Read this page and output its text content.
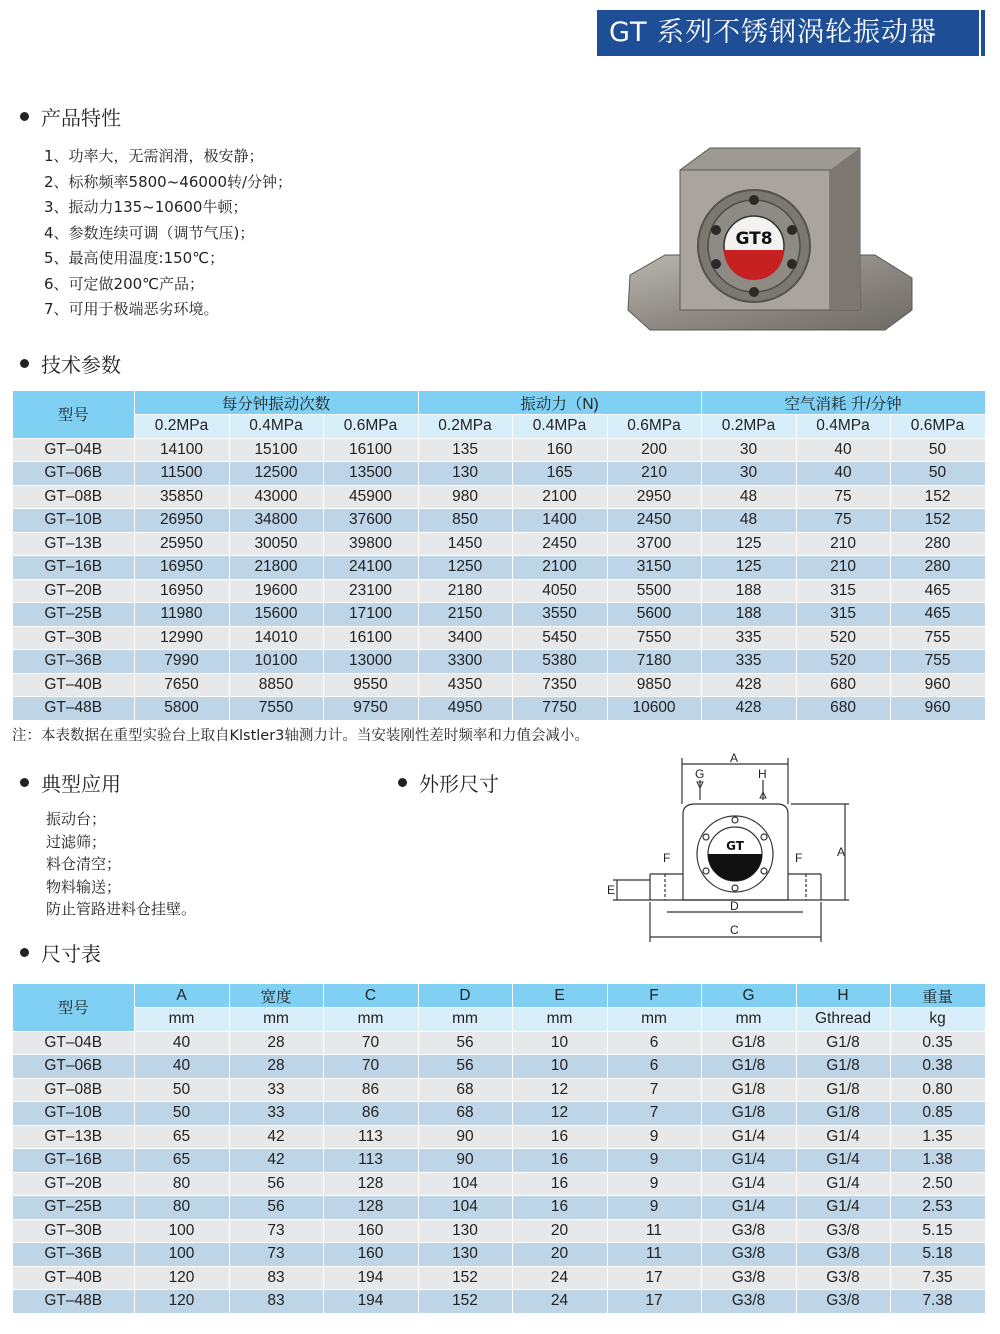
GT 系列不锈钢涡轮振动器
产品特性
1、功率大，无需润滑，极安静；
2、标称频率5800~46000转/分钟；
3、振动力135~10600牛顿；
4、参数连续可调（调节气压)；
5、最高使用温度:150℃；
6、可定做200℃产品；
7、可用于极端恶劣环境。
GT8
技术参数
型号	每分钟振动次数			振动力（N)			空气消耗 升/分钟		
	0.2MPa	0.4MPa	0.6MPa	0.2MPa	0.4MPa	0.6MPa	0.2MPa	0.4MPa	0.6MPa
GT–04B	14100	15100	16100	135	160	200	30	40	50
GT–06B	11500	12500	13500	130	165	210	30	40	50
GT–08B	35850	43000	45900	980	2100	2950	48	75	152
GT–10B	26950	34800	37600	850	1400	2450	48	75	152
GT–13B	25950	30050	39800	1450	2450	3700	125	210	280
GT–16B	16950	21800	24100	1250	2100	3150	125	210	280
GT–20B	16950	19600	23100	2180	4050	5500	188	315	465
GT–25B	11980	15600	17100	2150	3550	5600	188	315	465
GT–30B	12990	14010	16100	3400	5450	7550	335	520	755
GT–36B	7990	10100	13000	3300	5380	7180	335	520	755
GT–40B	7650	8850	9550	4350	7350	9850	428	680	960
GT–48B	5800	7550	9750	4950	7750	10600	428	680	960
注：本表数据在重型实验台上取自Klstler3轴测力计。当安装刚性差时频率和力值会减小。
典型应用	外形尺寸
振动台；
过滤筛；
料仓清空；
物料输送；
防止管路进料仓挂壁。
GT
A
G	H
F	F
E
D
C
A
尺寸表
型号	A	宽度	C	D	E	F	G	H	重量
	mm	mm	mm	mm	mm	mm	mm	Gthread	kg
GT–04B	40	28	70	56	10	6	G1/8	G1/8	0.35
GT–06B	40	28	70	56	10	6	G1/8	G1/8	0.38
GT–08B	50	33	86	68	12	7	G1/8	G1/8	0.80
GT–10B	50	33	86	68	12	7	G1/8	G1/8	0.85
GT–13B	65	42	113	90	16	9	G1/4	G1/4	1.35
GT–16B	65	42	113	90	16	9	G1/4	G1/4	1.38
GT–20B	80	56	128	104	16	9	G1/4	G1/4	2.50
GT–25B	80	56	128	104	16	9	G1/4	G1/4	2.53
GT–30B	100	73	160	130	20	11	G3/8	G3/8	5.15
GT–36B	100	73	160	130	20	11	G3/8	G3/8	5.18
GT–40B	120	83	194	152	24	17	G3/8	G3/8	7.35
GT–48B	120	83	194	152	24	17	G3/8	G3/8	7.38
